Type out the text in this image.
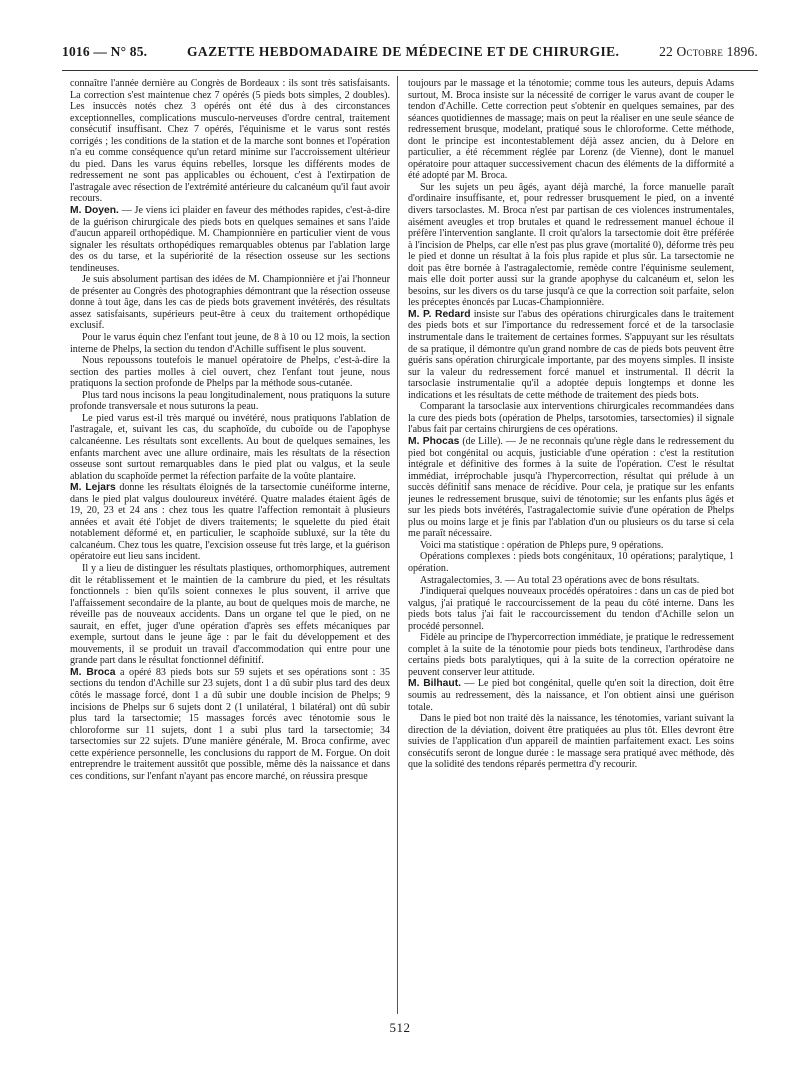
1016 — N° 85.	GAZETTE HEBDOMADAIRE DE MÉDECINE ET DE CHIRURGIE.	22 Octobre 1896.

connaître l'année dernière au Congrès de Bordeaux : ils sont très satisfaisants. La correction s'est maintenue chez 7 opérés (5 pieds bots simples, 2 doubles). Les insuccès notés chez 3 opérés ont été dus à des circonstances exceptionnelles, complications musculo-nerveuses d'ordre central, traitement consécutif insuffisant. Chez 7 opérés, l'équinisme et le varus sont restés corrigés ; les conditions de la station et de la marche sont bonnes et l'opération n'a eu comme conséquence qu'un retard minime sur l'accroissement ultérieur du pied. Dans les varus équins rebelles, lorsque les différents modes de redressement ne sont pas applicables ou échouent, c'est à l'extirpation de l'astragale avec résection de l'extrémité antérieure du calcanéum qu'il faut avoir recours.

M. Doyen. — Je viens ici plaider en faveur des méthodes rapides, c'est-à-dire de la guérison chirurgicale des pieds bots en quelques semaines et sans l'aide d'aucun appareil orthopédique. M. Championnière en particulier vient de vous signaler les résultats orthopédiques remarquables obtenus par l'ablation large des os du tarse, et la supériorité de la résection osseuse sur les sections tendineuses.

Je suis absolument partisan des idées de M. Championnière et j'ai l'honneur de présenter au Congrès des photographies démontrant que la résection osseuse donne à tout âge, dans les cas de pieds bots gravement invétérés, des résultats assez satisfaisants, supérieurs peut-être à ceux du traitement orthopédique exclusif.

Pour le varus équin chez l'enfant tout jeune, de 8 à 10 ou 12 mois, la section interne de Phelps, la section du tendon d'Achille suffisent le plus souvent.

Nous repoussons toutefois le manuel opératoire de Phelps, c'est-à-dire la section des parties molles à ciel ouvert, chez l'enfant tout jeune, nous pratiquons la section profonde de Phelps par la méthode sous-cutanée.

Plus tard nous incisons la peau longitudinalement, nous pratiquons la suture profonde transversale et nous suturons la peau.

Le pied varus est-il très marqué ou invétéré, nous pratiquons l'ablation de l'astragale, et, suivant les cas, du scaphoïde, du cuboïde ou de l'apophyse calcanéenne. Les résultats sont excellents. Au bout de quelques semaines, les enfants marchent avec une allure ordinaire, mais les résultats de la résection osseuse sont surtout remarquables dans le pied plat ou valgus, et la seule ablation du scaphoïde permet la réfection parfaite de la voûte plantaire.

M. Lejars donne les résultats éloignés de la tarsectomie cunéiforme interne, dans le pied plat valgus douloureux invétéré. Quatre malades étaient âgés de 19, 20, 23 et 24 ans : chez tous les quatre l'affection remontait à plusieurs années et avait été l'objet de divers traitements; le squelette du pied était notablement déformé et, en particulier, le scaphoïde subluxé, sur la tête du calcanéum. Chez tous les quatre, l'excision osseuse fut très large, et la guérison opératoire eut lieu sans incident.

Il y a lieu de distinguer les résultats plastiques, orthomorphiques, autrement dit le rétablissement et le maintien de la cambrure du pied, et les résultats fonctionnels : bien qu'ils soient connexes le plus souvent, il arrive que l'affaissement secondaire de la plante, au bout de quelques mois de marche, ne réveille pas de nouveaux accidents. Dans un organe tel que le pied, on ne saurait, en effet, juger d'une opération d'après ses effets mécaniques par exemple, surtout dans le jeune âge : par le fait du développement et des mouvements, il se produit un travail d'accommodation qui entre pour une grande part dans le résultat fonctionnel définitif.

M. Broca a opéré 83 pieds bots sur 59 sujets et ses opérations sont : 35 sections du tendon d'Achille sur 23 sujets, dont 1 a dû subir plus tard des deux côtés le massage forcé, dont 1 a dû subir une double incision de Phelps; 9 incisions de Phelps sur 6 sujets dont 2 (1 unilatéral, 1 bilatéral) ont dû subir plus tard la tarsectomie; 15 massages forcés avec ténotomie sous le chloroforme sur 11 sujets, dont 1 a subi plus tard la tarsectomie; 34 tarsectomies sur 22 sujets. D'une manière générale, M. Broca confirme, avec cette expérience personnelle, les conclusions du rapport de M. Forgue. On doit entreprendre le traitement aussitôt que possible, même dès la naissance et dans ces conditions, sur l'enfant n'ayant pas encore marché, on réussira presque

toujours par le massage et la ténotomie; comme tous les auteurs, depuis Adams surtout, M. Broca insiste sur la nécessité de corriger le varus avant de couper le tendon d'Achille. Cette correction peut s'obtenir en quelques semaines, par des séances quotidiennes de massage; mais on peut la réaliser en une seule séance de redressement brusque, modelant, pratiqué sous le chloroforme. Cette méthode, dont le principe est incontestablement déjà assez ancien, du à Delore en particulier, a été récemment réglée par Lorenz (de Vienne), dont le manuel opératoire pour attaquer successivement chacun des éléments de la difformité a été adopté par M. Broca.

Sur les sujets un peu âgés, ayant déjà marché, la force manuelle paraît d'ordinaire insuffisante, et, pour redresser brusquement le pied, on a inventé divers tarsoclastes. M. Broca n'est par partisan de ces violences instrumentales, aisément aveugles et trop brutales et quand le redressement manuel échoue il préfère l'intervention sanglante. Il croit qu'alors la tarsectomie doit être préférée à l'incision de Phelps, car elle n'est pas plus grave (mortalité 0), déforme très peu le pied et donne un résultat à la fois plus rapide et plus sûr. La tarsectomie ne doit pas être bornée à l'astragalectomie, remède contre l'équinisme seulement, mais elle doit porter aussi sur la grande apophyse du calcanéum et, selon les besoins, sur les divers os du tarse jusqu'à ce que la correction soit parfaite, selon les préceptes énoncés par Lucas-Championnière.

M. P. Redard insiste sur l'abus des opérations chirurgicales dans le traitement des pieds bots et sur l'importance du redressement forcé et de la tarsoclasie instrumentale dans le traitement de certaines formes. S'appuyant sur les résultats de sa pratique, il démontre qu'un grand nombre de cas de pieds bots peuvent être guéris sans opération chirurgicale importante, par des moyens simples. Il insiste sur la valeur du redressement forcé manuel et instrumental. Il décrit la tarsoclasie instrumentalie qu'il a adoptée depuis longtemps et donne les indications et les résultats de cette méthode de traitement des pieds bots.

Comparant la tarsoclasie aux interventions chirurgicales recommandées dans la cure des pieds bots (opération de Phelps, tarsotomies, tarsectomies) il signale l'abus fait par certains chirurgiens de ces opérations.

M. Phocas (de Lille). — Je ne reconnais qu'une règle dans le redressement du pied bot congénital ou acquis, justiciable d'une opération : c'est la restitution intégrale et définitive des formes à la suite de l'opération. C'est le résultat immédiat, irréprochable jusqu'à l'hypercorrection, résultat qui prélude à un succès définitif sans menace de récidive. Pour cela, je pratique sur les enfants jeunes le redressement brusque, suivi de ténotomie; sur les enfants plus âgés et sur les pieds bots invétérés, l'astragalectomie suivie d'une opération de Phelps plus ou moins large et je finis par l'ablation d'un ou plusieurs os du tarse si cela me paraît nécessaire.

Voici ma statistique : opération de Phleps pure, 9 opérations.

Opérations complexes : pieds bots congénitaux, 10 opérations; paralytique, 1 opération.

Astragalectomies, 3. — Au total 23 opérations avec de bons résultats.

J'indiquerai quelques nouveaux procédés opératoires : dans un cas de pied bot valgus, j'ai pratiqué le raccourcissement de la peau du côté interne. Dans les pieds bots talus j'ai fait le raccourcissement du tendon d'Achille selon un procédé personnel.

Fidèle au principe de l'hypercorrection immédiate, je pratique le redressement complet à la suite de la ténotomie pour pieds bots tendineux, l'arthrodèse dans certains pieds bots paralytiques, qui à la suite de la correction opératoire ne peuvent conserver leur attitude.

M. Bilhaut. — Le pied bot congénital, quelle qu'en soit la direction, doit être soumis au redressement, dès la naissance, et l'on obtient ainsi une guérison totale.

Dans le pied bot non traité dès la naissance, les ténotomies, variant suivant la direction de la déviation, doivent être pratiquées au plus tôt. Elles devront être suivies de l'application d'un appareil de maintien parfaitement exact. Les soins consécutifs seront de longue durée : le massage sera pratiqué avec méthode, dès que la solidité des tendons réparés permettra d'y recourir.

512
